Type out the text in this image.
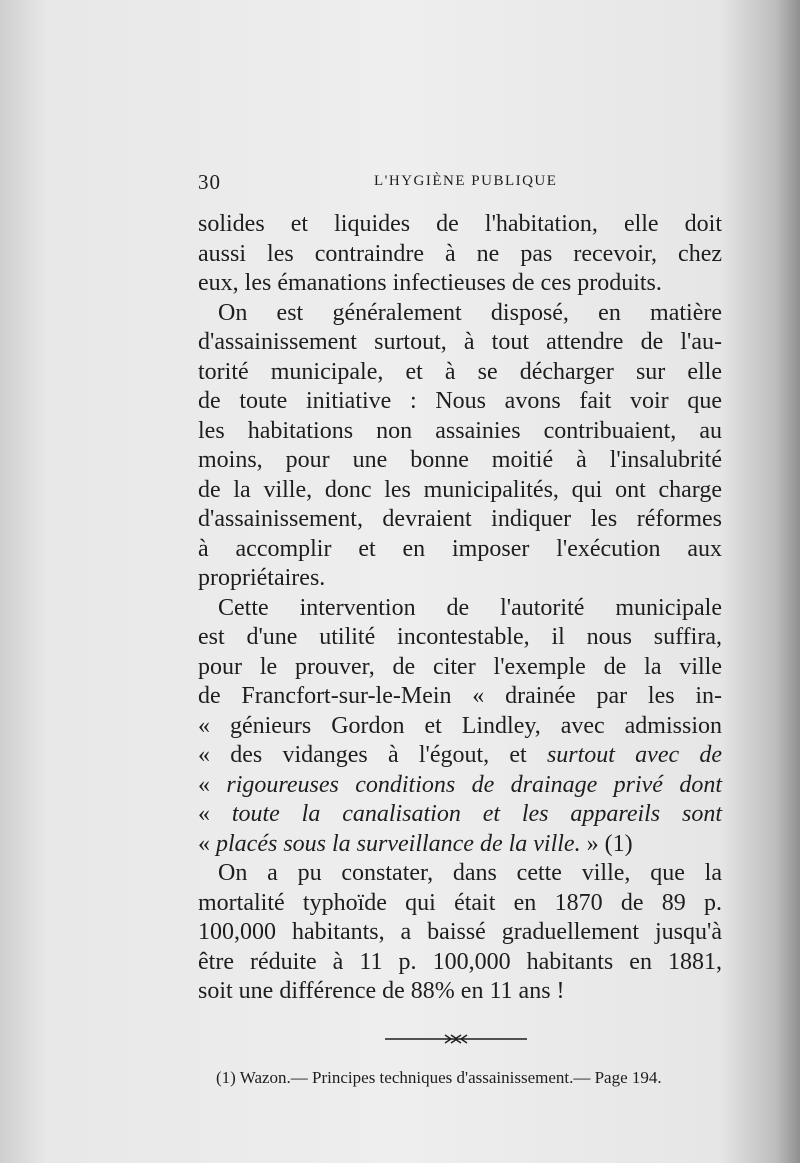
30	L'HYGIÈNE PUBLIQUE
solides et liquides de l'habitation, elle doit
aussi les contraindre à ne pas recevoir, chez
eux, les émanations infectieuses de ces produits.
On est généralement disposé, en matière
d'assainissement surtout, à tout attendre de l'au-
torité municipale, et à se décharger sur elle
de toute initiative : Nous avons fait voir que
les habitations non assainies contribuaient, au
moins, pour une bonne moitié à l'insalubrité
de la ville, donc les municipalités, qui ont charge
d'assainissement, devraient indiquer les réformes
à accomplir et en imposer l'exécution aux
propriétaires.
Cette intervention de l'autorité municipale
est d'une utilité incontestable, il nous suffira,
pour le prouver, de citer l'exemple de la ville
de Francfort-sur-le-Mein « drainée par les in-
« génieurs Gordon et Lindley, avec admission
« des vidanges à l'égout, et surtout avec de
« rigoureuses conditions de drainage privé dont
« toute la canalisation et les appareils sont
« placés sous la surveillance de la ville. » (1)
On a pu constater, dans cette ville, que la
mortalité typhoïde qui était en 1870 de 89 p.
100,000 habitants, a baissé graduellement jusqu'à
être réduite à 11 p. 100,000 habitants en 1881,
soit une différence de 88% en 11 ans !
(1) Wazon.— Principes techniques d'assainissement.— Page 194.
